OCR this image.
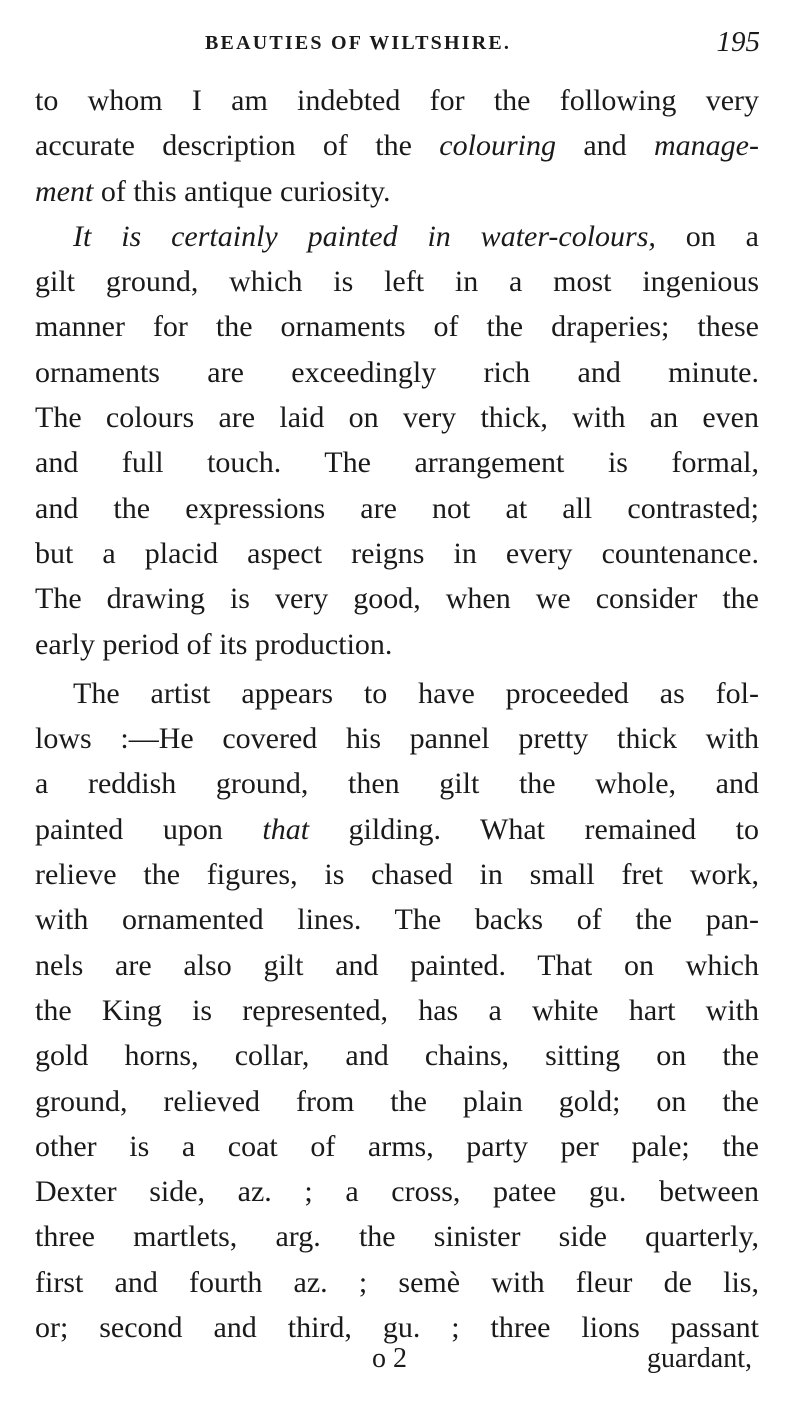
BEAUTIES OF WILTSHIRE.	195
to whom I am indebted for the following very
accurate description of the colouring and manage-
ment of this antique curiosity.
It is certainly painted in water-colours, on a
gilt ground, which is left in a most ingenious
manner for the ornaments of the draperies; these
ornaments are exceedingly rich and minute.
The colours are laid on very thick, with an even
and full touch. The arrangement is formal,
and the expressions are not at all contrasted;
but a placid aspect reigns in every countenance.
The drawing is very good, when we consider the
early period of its production.
The artist appears to have proceeded as fol-
lows :—He covered his pannel pretty thick with
a reddish ground, then gilt the whole, and
painted upon that gilding. What remained to
relieve the figures, is chased in small fret work,
with ornamented lines. The backs of the pan-
nels are also gilt and painted. That on which
the King is represented, has a white hart with
gold horns, collar, and chains, sitting on the
ground, relieved from the plain gold; on the
other is a coat of arms, party per pale; the
Dexter side, az. ; a cross, patee gu. between
three martlets, arg. the sinister side quarterly,
first and fourth az. ; semè with fleur de lis,
or; second and third, gu. ; three lions passant
o 2	guardant,
